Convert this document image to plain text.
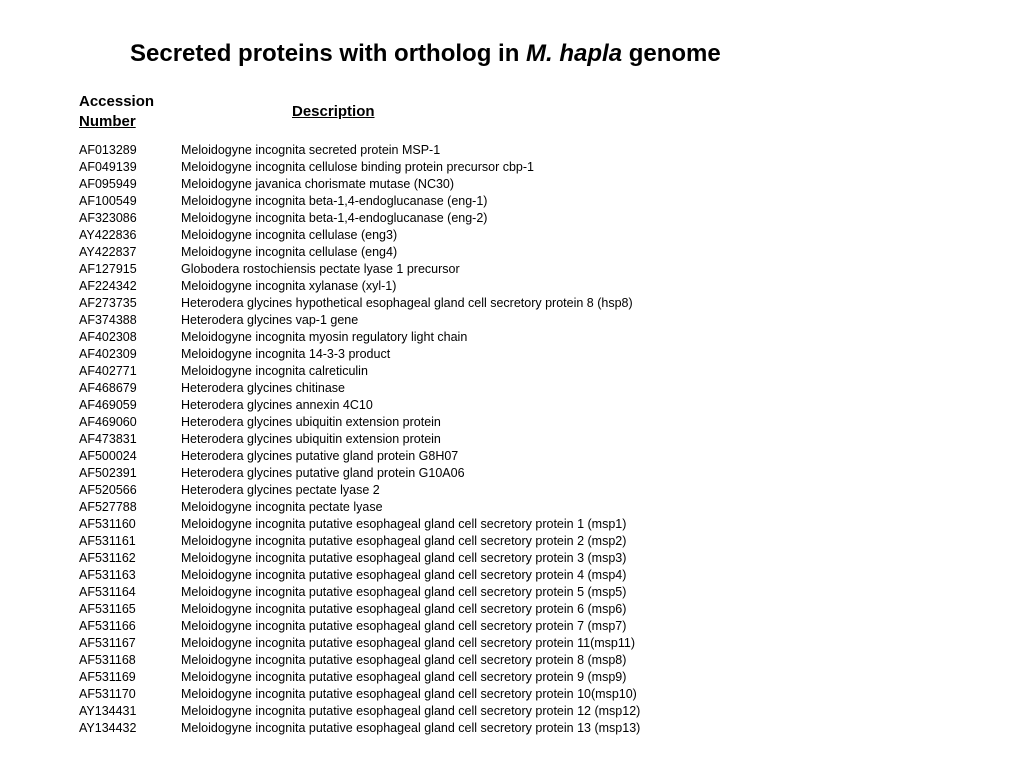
Secreted proteins with ortholog in M. hapla genome
Accession
Number
Description
AF013289	Meloidogyne incognita secreted protein MSP-1
AF049139	Meloidogyne incognita cellulose binding protein precursor cbp-1
AF095949	Meloidogyne javanica chorismate mutase (NC30)
AF100549	Meloidogyne incognita beta-1,4-endoglucanase (eng-1)
AF323086	Meloidogyne incognita beta-1,4-endoglucanase (eng-2)
AY422836	Meloidogyne incognita cellulase (eng3)
AY422837	Meloidogyne incognita cellulase (eng4)
AF127915	Globodera rostochiensis pectate lyase 1 precursor
AF224342	Meloidogyne incognita xylanase (xyl-1)
AF273735	Heterodera glycines hypothetical esophageal gland cell secretory protein 8 (hsp8)
AF374388	Heterodera glycines vap-1 gene
AF402308	Meloidogyne incognita myosin regulatory light chain
AF402309	Meloidogyne incognita 14-3-3 product
AF402771	Meloidogyne incognita calreticulin
AF468679	Heterodera glycines chitinase
AF469059	Heterodera glycines annexin 4C10
AF469060	Heterodera glycines ubiquitin extension protein
AF473831	Heterodera glycines ubiquitin extension protein
AF500024	Heterodera glycines putative gland protein G8H07
AF502391	Heterodera glycines putative gland protein G10A06
AF520566	Heterodera glycines pectate lyase 2
AF527788	Meloidogyne incognita pectate lyase
AF531160	Meloidogyne incognita putative esophageal gland cell secretory protein 1 (msp1)
AF531161	Meloidogyne incognita putative esophageal gland cell secretory protein 2 (msp2)
AF531162	Meloidogyne incognita putative esophageal gland cell secretory protein 3 (msp3)
AF531163	Meloidogyne incognita putative esophageal gland cell secretory protein 4 (msp4)
AF531164	Meloidogyne incognita putative esophageal gland cell secretory protein 5 (msp5)
AF531165	Meloidogyne incognita putative esophageal gland cell secretory protein 6 (msp6)
AF531166	Meloidogyne incognita putative esophageal gland cell secretory protein 7 (msp7)
AF531167	Meloidogyne incognita putative esophageal gland cell secretory protein 11(msp11)
AF531168	Meloidogyne incognita putative esophageal gland cell secretory protein 8 (msp8)
AF531169	Meloidogyne incognita putative esophageal gland cell secretory protein 9 (msp9)
AF531170	Meloidogyne incognita putative esophageal gland cell secretory protein 10(msp10)
AY134431	Meloidogyne incognita putative esophageal gland cell secretory protein 12 (msp12)
AY134432	Meloidogyne incognita putative esophageal gland cell secretory protein 13 (msp13)
